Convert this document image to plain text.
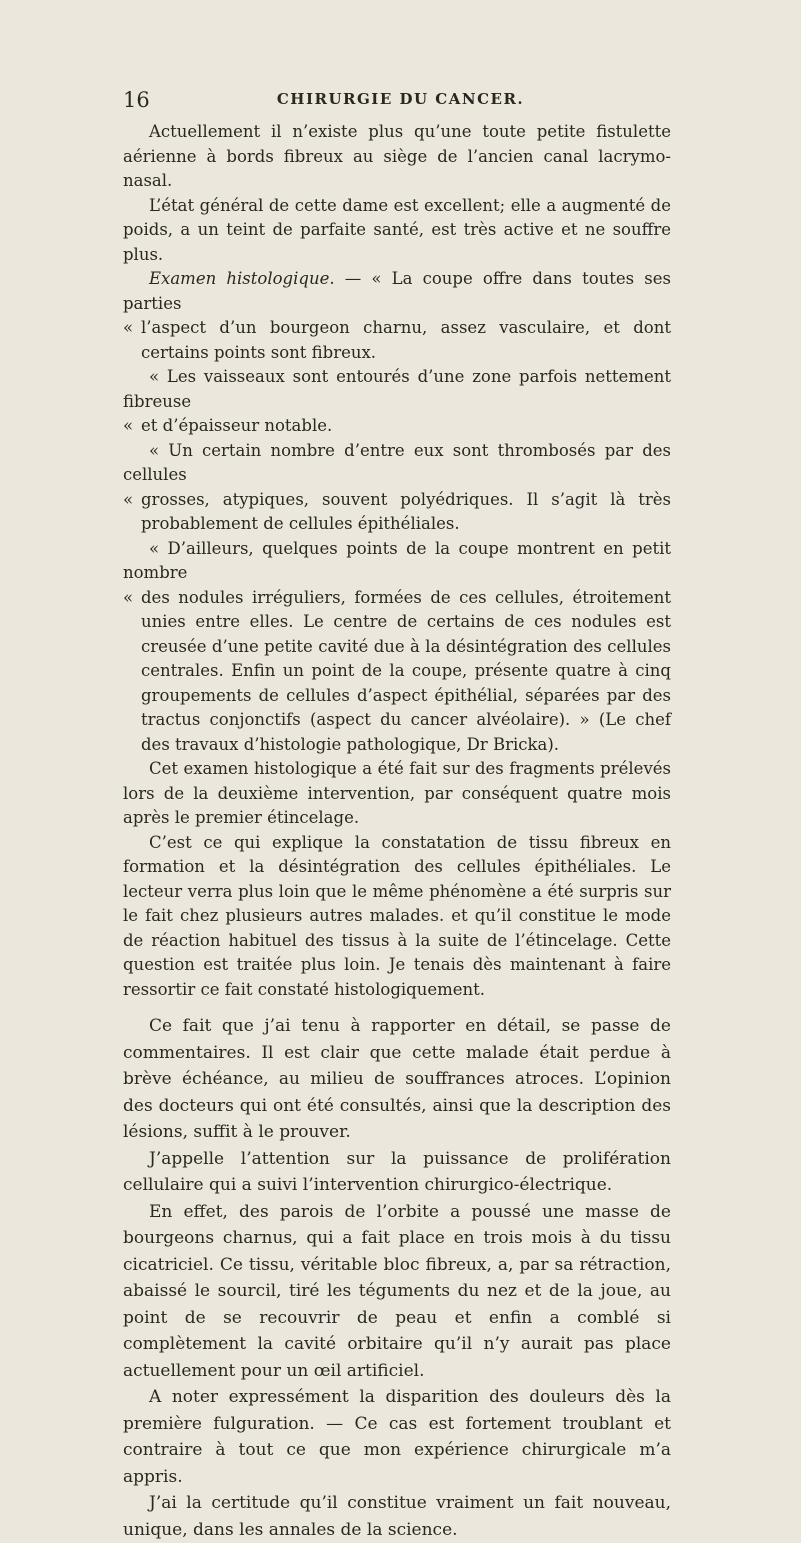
16	CHIRURGIE DU CANCER.

Actuellement il n’existe plus qu’une toute petite fistulette aérienne à bords fibreux au siège de l’ancien canal lacrymo-nasal.

L’état général de cette dame est excellent; elle a augmenté de poids, a un teint de parfaite santé, est très active et ne souffre plus.

Examen histologique. — « La coupe offre dans toutes ses parties

« l’aspect d’un bourgeon charnu, assez vasculaire, et dont certains points sont fibreux.

« Les vaisseaux sont entourés d’une zone parfois nettement fibreuse

« et d’épaisseur notable.

« Un certain nombre d’entre eux sont thrombosés par des cellules

« grosses, atypiques, souvent polyédriques. Il s’agit là très probablement de cellules épithéliales.

« D’ailleurs, quelques points de la coupe montrent en petit nombre

« des nodules irréguliers, formées de ces cellules, étroitement unies entre elles. Le centre de certains de ces nodules est creusée d’une petite cavité due à la désintégration des cellules centrales. Enfin un point de la coupe, présente quatre à cinq groupements de cellules d’aspect épithélial, séparées par des tractus conjonctifs (aspect du cancer alvéolaire). » (Le chef des travaux d’histologie pathologique, Dr Bricka).

Cet examen histologique a été fait sur des fragments prélevés lors de la deuxième intervention, par conséquent quatre mois après le premier étincelage.

C’est ce qui explique la constatation de tissu fibreux en formation et la désintégration des cellules épithéliales. Le lecteur verra plus loin que le même phénomène a été surpris sur le fait chez plusieurs autres malades. et qu’il constitue le mode de réaction habituel des tissus à la suite de l’étincelage. Cette question est traitée plus loin. Je tenais dès maintenant à faire ressortir ce fait constaté histologiquement.

Ce fait que j’ai tenu à rapporter en détail, se passe de commentaires. Il est clair que cette malade était perdue à brève échéance, au milieu de souffrances atroces. L’opinion des docteurs qui ont été consultés, ainsi que la description des lésions, suffit à le prouver.

J’appelle l’attention sur la puissance de prolifération cellulaire qui a suivi l’intervention chirurgico-électrique.

En effet, des parois de l’orbite a poussé une masse de bourgeons charnus, qui a fait place en trois mois à du tissu cicatriciel. Ce tissu, véritable bloc fibreux, a, par sa rétraction, abaissé le sourcil, tiré les téguments du nez et de la joue, au point de se recouvrir de peau et enfin a comblé si complètement la cavité orbitaire qu’il n’y aurait pas place actuellement pour un œil artificiel.

A noter expressément la disparition des douleurs dès la première fulguration. — Ce cas est fortement troublant et contraire à tout ce que mon expérience chirurgicale m’a appris.

J’ai la certitude qu’il constitue vraiment un fait nouveau, unique, dans les annales de la science.
